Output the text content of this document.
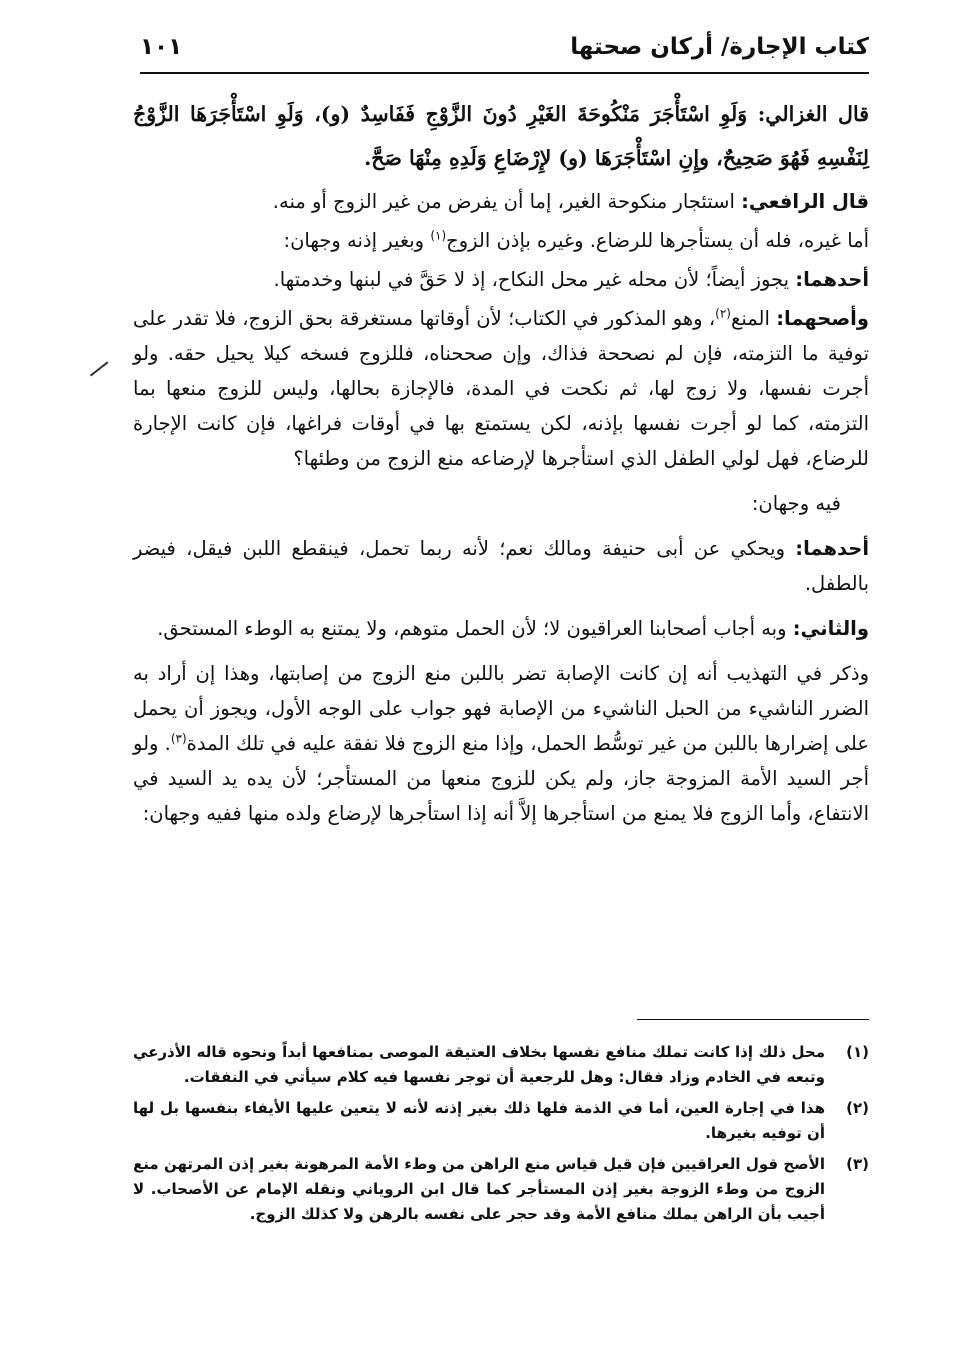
كتاب الإجارة/ أركان صحتها
١٠١

قال الغزالي: وَلَوِ اسْتَأْجَرَ مَنْكُوحَةَ الغَيْرِ دُونَ الزَّوْجِ فَفَاسِدٌ (و)، وَلَوِ اسْتَأْجَرَهَا الزَّوْجُ لِنَفْسِهِ فَهُوَ صَحِيحٌ، وإِنِ اسْتَأْجَرَهَا (و) لإِرْضَاعِ وَلَدِهِ مِنْهَا صَحَّ.

قال الرافعي: استئجار منكوحة الغير، إما أن يفرض من غير الزوج أو منه.

أما غيره، فله أن يستأجرها للرضاع. وغيره بإذن الزوج$^{(١)}$ وبغير إذنه وجهان:

أحدهما: يجوز أيضاً؛ لأن محله غير محل النكاح، إذ لا حَقَّ في لبنها وخدمتها.

وأصحهما: المنع$^{(٢)}$، وهو المذكور في الكتاب؛ لأن أوقاتها مستغرقة بحق الزوج، فلا تقدر على توفية ما التزمته، فإن لم نصححة فذاك، وإن صححناه، فللزوج فسخه كيلا يحيل حقه. ولو أجرت نفسها، ولا زوج لها، ثم نكحت في المدة، فالإجازة بحالها، وليس للزوج منعها بما التزمته، كما لو أجرت نفسها بإذنه، لكن يستمتع بها في أوقات فراغها، فإن كانت الإجارة للرضاع، فهل لولي الطفل الذي استأجرها لإرضاعه منع الزوج من وطئها؟

فيه وجهان:

أحدهما: ويحكي عن أبى حنيفة ومالك نعم؛ لأنه ربما تحمل، فينقطع اللبن فيقل، فيضر بالطفل.

والثاني: وبه أجاب أصحابنا العراقيون لا؛ لأن الحمل متوهم، ولا يمتنع به الوطء المستحق.

وذكر في التهذيب أنه إن كانت الإصابة تضر باللبن منع الزوج من إصابتها، وهذا إن أراد به الضرر الناشيء من الحبل الناشيء من الإصابة فهو جواب على الوجه الأول، ويجوز أن يحمل على إضرارها باللبن من غير توسُّط الحمل، وإذا منع الزوج فلا نفقة عليه في تلك المدة$^{(٣)}$. ولو أجر السيد الأمة المزوجة جاز، ولم يكن للزوج منعها من المستأجر؛ لأن يده يد السيد في الانتفاع، وأما الزوج فلا يمنع من استأجرها إلاَّ أنه إذا استأجرها لإرضاع ولده منها ففيه وجهان:

(١)
محل ذلك إذا كانت تملك منافع نفسها بخلاف العتيقة الموصى بمنافعها أبداً ونحوه قاله الأذرعي وتبعه في الخادم وزاد فقال: وهل للرجعية أن توجر نفسها فيه كلام سيأتي في النفقات.
(٢)
هذا في إجارة العين، أما في الذمة فلها ذلك بغير إذنه لأنه لا يتعين عليها الأيفاء بنفسها بل لها أن توفيه بغيرها.
(٣)
الأصح قول العراقيين فإن قيل قياس منع الراهن من وطء الأمة المرهونة بغير إذن المرتهن منع الزوج من وطء الزوجة بغير إذن المستأجر كما قال ابن الروياني ونقله الإمام عن الأصحاب. لا أجيب بأن الراهن يملك منافع الأمة وقد حجر على نفسه بالرهن ولا كذلك الزوج.
